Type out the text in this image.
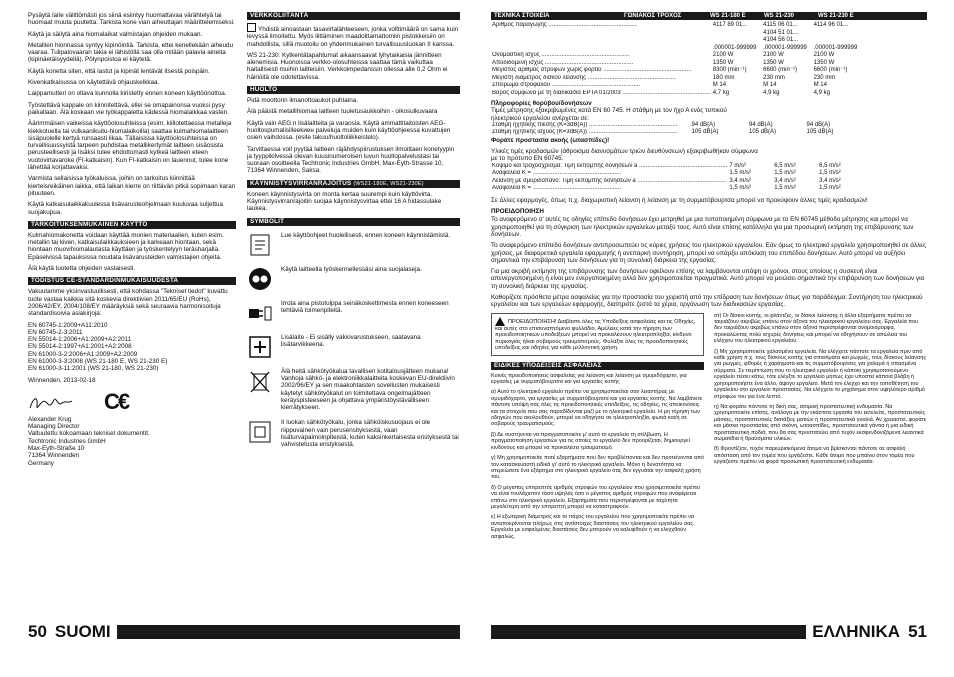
Pysäytä laite välittömästi jos siinä esiintyy huomattavaa värähtelyä tai huomaat muuta puutetta. Tarkista kone vian aiheuttajan määrittelemiseksi.

Käytä ja säilytä aina hiomalaikat valmistajan ohjeiden mukaan.

Metallien hionnassa syntyy kipinöintiä. Tarkista, ettei kenellekään aiheudu vaaraa. Tulipalovaaran takia ei lähistöllä saa olla mitään palavia aineita (kipinäetäisyydellä). Pölynpoistoa ei käytetä.

Käytä konetta siten, että lastut ja kipinät lentävät itsestä poispäin.

Kivenkatkaisussa on käytettävä ohjauskelkkaa.

Laippamutteri on oltava kunnolla kiristetty ennen koneen käyttöönottoa.

Työstettävä kappale on kiinnitettävä, ellei se omapainonsa vuoksi pysy paikallaan. Älä koskaan vie työkappaletta kädessä hiomalaikkaa vasten.

Äärimmäisen vaikeissa käyttöolosuhteissa (esim. kiillotettaessa metalleja kiekkotuella tai vulkaanikuitu-hiomalaikoilla) saattaa kulmahiomalaitteen sisäpuolelle kertyä runsaasti likaa. Tällaisissa käyttöolosuhteissa on turvallisuussyistä tarpeen puhdistaa metallikertymät laitteen sisäosista perusteellisesti ja lisäksi tulee ehdottomasti kytkeä laitteen eteen vuotovirtavarokе (FI-katkaisin). Kun FI-katkaisin on lauennut, tulee kone lähettää korjattavaksi.

Varmista sellaisissa työkaluissa, joihin on tarkoitus kiinnittää kierteisreikäinen laikka, että laikan kierre on riittävän pitkä sopimaan karan pituuteen.

Käytä katkaisulaikkakuulessa lisävarusteohjelmaan kuuluvaa suljettua suojakupua.

TARKOITUKSENMUKAINEN KÄYTTÖ

Kulmahiomakonetta voidaan käyttää monien materiaalien, kuten esim. metallin tai kiven, katkaisulaikkauksiееn ja karkeaan hiontaan, sekä hiontaan muovihiomalautasta käyttäen ja työskentelyyn teräsharjalla. Epäselvissä tapauksissa noudata lisävarusteiden valmistajien ohjeita.

Älä käytä tuotetta ohjeiden vastaisesti.

TODISTUS CE-STANDARDINMUKAISUUDESTA

Vakuutamme yksinvastuullisesti, että kohdassa "Tekniset tiedot" kuvattu tuote vastaa kaikkia sitä koskevia direktiivien 2011/65/EU (RoHs), 2006/42/EY, 2004/108/EY määräyksiä sekä seuraavia harmonisoituja standardisoivia asiakirjoja:

EN 60745-1:2009+A11:2010
EN 60745-2-3:2011
EN 55014-1:2006+A1:2009+A2:2011
EN 55014-2:1997+A1:2001+A2:2008
EN 61000-3-2:2006+A1:2009+A2:2009
EN 61000-3-3:2008 (WS 21-180 E, WS 21-230 E)
EN 61000-3-11:2001 (WS 21-180, WS 21-230)

Winnenden, 2013-02-18

C€
Alexander Krug
Managing Director
Valtuutettu kokoamaan tekniset dokumentit.
Techtronic Industries GmbH
Max-Eyth-Straße 10
71364 Winnenden
Germany
VERKKOLIITÄNTÄ

Yhdistä ainoastaan tasavirtalähteeseen, jonka volttimäärä on sama kuin levyssä ilmoitettu. Myös liittäminen maadoittamattomiin pistokkeisiin on mahdollista, sillä muotoilu on yhdenmukainen turvallisuusluokan II kanssa.

WS 21-230: Kytkentätapahtumat aikaansaavat lyhytaikaisia jännitteen alenemisia. Huonoissa verkko-olosuhteissa saattaa tämä vaikuttaa haitallisesti muihin laitteisiin. Verkkoimpedanssin ollessa alle 0,2 Ohm ei häiriöitä ole odotettavissa.

HUOLTO

Pidä moottorin ilmanottoaukot puhtaina.

Älä päästä metallihiomaa laitteen tuuletusaukkoihin - oikosulkuvaara

Käytä vain AEG:n lisälaitteita ja varaosia. Käytä ammattitaitoisten AEG-huoltospumalisilleekиен palveluja muiden kuin käyttöohjeessa kuvattujen osien vaihdossa. (esite takuu/huoltoliikkeistelo).

Tarvittaessa voit pyytää laitteen räjähdyspiirustuksen ilmoittaen konetyypin ja tyyppikilvessä olevan kuusinumeroisen luvun huoltopalvelustasi tai suoraan osoitteella Techtronic Industries GmbH, Max-Eyth-Strasse 10, 71364 Winnenden, Saksa.

KÄYNNISTYSVIRRANRAJOITUS (WS21-180E, WS21-230E)

Koneen käynnistysvirta on monta kertaa suurempi kuin käyttövirta. Käynnistysvirranrajoitin suojaa käynnistysvirtaa ettei 16 A hidassulake laukea.

SYMBOLIT
Lue käyttöohjeet huolellisesti, ennen koneen käynnistämistä.
Käytä laitteella työskennellessäsi aina suojalaseja.
Irrota aina pistotulppa seinäkoskettimesta ennen koneeseen tehtäviä toimenpiteitä.
Lisälaite - Ei sisälly vakiovarustukseen, saatavana lisätarvikkeena.
Älä heitä sähkötyökalua tavallisen kotitalousjätteen mukana! Vanhoja sähkö- ja elektroniikkalaitteita koskevan EU-direktiivin 2002/96/EY ja sen maakohtaisten sovellusten mukaisesti käytetyt sähkötyökalut on toimitettava ongelmajätteen keräyspisteeseen ja ohjattava ympäristöystävälliseen kierrätykseen.
II luokan sähkötyökalu, jonka sähköiskusuojaus ei ole riippuvainen vain perusensityksestä, vaan lisäturvapaimoinpiteistä, kuten kaksinkertaisesta eristyksestä tai vahvistetusta eristyksestä.
50 SUOMI
ΤΕΧΝΙΚΑ ΣΤΟΙΧΕΙΑ	ΓΩΝΙΑΚΟΣ ΤΡΟΧΟΣ	WS 21-180 E	WS 21-230	WS 21-230 E
Αριθμός παραγωγής .....................................................	4117 89 01...	4115 06 01...	4114 96 01...
		4104 51 01...	
		4104 56 01...	
	.000001-999999	.000001-999999	.000001-999999
Ονομαστική ισχύς .....................................................	2100 W	2100 W	2100 W
Αποδιδόμενη ισχύς .....................................................	1350 W	1350 W	1350 W
Μέγιστος αριθμός στροφών χωρίς φορτίο .....................................................	8300 (min⁻¹)	6600 (min⁻¹)	6600 (min⁻¹)
Μέγιστη διάμετρος δίσκου λείανσης .....................................................	180 mm	230 mm	230 mm
Σπείρωμα στροφάλου .....................................................	M 14	M 14	M 14
Βάρος σύμφωνα με τη διαδικασία EPTA 01/2003 .....................................................	4,7 kg	4,9 kg	4,9 kg

Πληροφορίες θορύβου/δονήσεων

Τιμές μέτρησης εξακριβωμένες κατά EN 60 745. Η στάθμη με τον ήχο Α ενός τυπικού ηλεκτρικού εργαλείου ανέρχεται σε:

Στάθμη ηχητικής πίεσης (K=3dB(A)) .....................................................	94 dB(A)	94 dB(A)	94 dB(A)
Στάθμη ηχητικής ισχύος (K=3dB(A)) .....................................................	105 dB(A)	105 dB(A)	105 dB(A)

Φοράτε προστασία ακοής (ωτασπίδες)!

Υλικές τιμές κραδασμών (άθροισμα διανυσμάτων τριών διευθύνσεων) εξακριβωθήκαν σύμφωνα με το πρότυπο EN 60745.

Κόψιμο και τροχοσχρίσμα: Τιμή εκπομπής δόνησεων a .....................................................	7 m/s²	6,5 m/s²	6,5 m/s²
Αναφαλεία K = .....................................................	1,5 m/s²	1,5 m/s²	1,5 m/s²
Λείανση με σμυριδόπανο: Τιμή εκπομπής δόνησεων a .....................................................	3,4 m/s²	3,4 m/s²	3,4 m/s²
Αναφαλεία K = .....................................................	1,5 m/s²	1,5 m/s²	1,5 m/s²

Σε άλλες εφαρμογές, όπως π.χ. διαχωριστική λείανση ή λείανση με τη συρματόβουρτσα μπορεί να προκύψουν άλλες τιμές κραδασμών!

ΠΡΟΕΙΔΟΠΟΙΗΣΗ

Το αναφερόμενο σ' αυτές τις οδηγίες επίπεδο δονήσεων έχει μετρηθεί με μια τυποποιημένη σύμφωνα με το EN 60745 μέθοδο μέτρησης και μπορεί να χρησιμοποιηθεί για τη σύγκριση των ηλεκτρικών εργαλείων μεταξύ τους. Αυτό είναι επίσης κατάλληλο για μια προσωρινή εκτίμηση της επιβάρυνσης των δονήσεων.

Το αναφερόμενο επίπεδο δονήσεων αντιπροσωπεύει τις κύριες χρήσεις του ηλεκτρικού εργαλείου. Εάν όμως το ηλεκτρικό εργαλείο χρησιμοποιηθεί σε άλλες χρήσεις, με διαφορετικά εργαλεία εφαρμογής ή ανεπαρκή συντήρηση, μπορεί να υπάρξει απόκλιση του επιπέδου δονήσεων. Αυτό μπορεί να αυξήσει σημαντικά την επιβάρυνση των δονήσεων για τη συνολική διάρκεια της εργασίας.

Για μια ακριβή εκτίμηση της επιβάρυνσης των δονήσεων οφείλουν επίσης να λαμβάνονται υπόψη οι χρόνοι, στους οποίους η συσκευή είναι απενεργοποιημένη ή είναι μεν ενεργοποιημένη αλλά δεν χρησιμοποιείται πραγματικά. Αυτό μπορεί να μειώσει σημαντικά την επιβάρυνση των δονήσεων για τη συνολική διάρκεια της εργασίας.

Καθορίζετε πρόσθετα μέτρα ασφαλείας για την προστασία του χειριστή από την επίδραση των δονήσεων όπως για παράδειγμα: Συντήρηση του ηλεκτρικού εργαλείου και των εργαλείων εφαρμογής, διατηρείτε ζεστά τα χέρια, οργάνωση των διαδικασιών εργασίας.

ΠΡΟΕΙΔΟΠΟΙΗΣΗ! Διαβάστε όλες τις Υποδείξεις ασφαλείας και τις Οδηγίες, και αυτές στο επισυναπτόμενο φυλλάδιο. Αμέλειες κατά την τήρηση των προειδοποιητικών υποδείξεων μπορεί να προκαλέσουν ηλεκτροπληξία, κίνδυνο πυρκαγιάς ή/και σοβαρούς τραυματισμούς. Φυλάξτε όλες τις προειδοποιητικές υποδείξεις και οδηγίες για κάθε μελλοντική χρήση.
ΕΙΔΙΚΕΣ ΥΠΟΔΕΙΞΕΙΣ ΑΣΦΑΛΕΙΑΣ

Κοινές προειδοποιήσεις ασφαλείας για λείανση και λείανση με σμυριδόχαρτο, για εργασίες με συρματόβουρτσα και για εργασίες κοπής

α) Αυτό το ηλεκτρικό εργαλείο πρέπει να χρησιμοποιείται σαν λειαντήρας με σμυριδόχαρτο, για εργασίες με συρματόβουρτσα και για εργασίες κοπής. Να λαμβάνετε πάντοτε υπόψη σας όλες τις προειδοποιητικές υποδείξεις, τις οδηγίες, τις απεικονίσεις και τα στοιχεία που σας παραδίδονται μαζί με το ηλεκτρικό εργαλείο. Η μη τήρηση των οδηγιών που ακολουθούν, μπορεί να οδηγήσει σε ηλεκτροπληξία, φωτιά και/ή σε σοβαρούς τραυματισμούς.

β) Δε συστήνεται να πραγματοποιείτε μ' αυτό το εργαλείο τη στίλβωση. Η πραγματοποίηση εργασιών για τις οποίες το εργαλείο δεν προορίζεται, δημιουργεί κινδύνους και μπορεί να προκαλέσει τραυματισμό.

γ) Μη χρησιμοποιείτε ποτέ εξαρτήματα που δεν προβλέπονται και δεν προτείνονται από τον κατασκευαστή ειδικά γι' αυτό το ηλεκτρικό εργαλείο. Μόνο η δυνατότητα να στερεώσετε ένα εξάρτημα στο ηλεκτρικό εργαλείο σας δεν εγγυάται την ασφαλή χρήση του.

δ) Ο μέγιστος επιτρεπτός αριθμός στροφών του εργαλείου που χρησιμοποιείτε πρέπει να είναι τουλάχιστον τόσο υψηλός όσο ο μέγιστος αριθμός στροφών που αναφέρεται επάνω στο ηλεκτρικό εργαλείο. Εξαρτήματα που περιστρέφονται με ταχύτητα μεγαλύτερη από την επιτρεπτή μπορεί να καταστραφούν.

ε) Η εξωτερική διάμετρος και το πάχος του εργαλείου που χρησιμοποιείτε πρέπει να ανταποκρίνονται πλήρως στις αντίστοιχες διαστάσεις του ηλεκτρικού εργαλείου σας. Εργαλεία με εσφαλμένες διαστάσεις δεν μπορούν να καλυφθούν ή να ελεγχθούν ασφαλώς.

στ) Οι δίσκοι κοπής, οι φλάντζες, οι δίσκοι λείανσης ή άλλα εξαρτήματα πρέπει να ταιριάζουν ακριβώς επάνω στον άξονα του ηλεκτρικού εργαλείου σας. Εργαλεία που δεν ταιριάζουν ακριβώς επάνω στον άξονα περιστρέφονται ανομοιόμορφα, προκαλώντας πολύ ισχυρές δονήσεις και μπορεί να οδηγήσουν σε απώλεια του ελέγχου του ηλεκτρικού εργαλείου.

ζ) Μη χρησιμοποιείτε χαλασμένα εργαλεία. Να ελέγχετε πάντοτε τα εργαλεία πριν από κάθε χρήση π.χ. τους δίσκους κοπής για σπασίματα και ρωγμές, τους δίσκους λείανσης για ρωγμές, φθορές ή χαράγματα και τις συρματόβουρτσες για χαλαρά ή σπασμένα σύρματα. Σε περίπτωση που το ηλεκτρικό εργαλείο ή κάποιο χρησιμοποιούμενο εργαλείο πέσει κάτω, τότε ελέγξτε το εργαλείο μήπως έχει υποστεί κάποια βλάβη ή χρησιμοποιήστε ένα άλλο, άψογο εργαλείο. Μετά τον έλεγχο και την τοποθέτηση του εργαλείου στο εργαλείο προστασίας. Να ελέγχετε το μηχάνημα στον υψηλότερο αριθμό στροφών του για ένα λεπτό.

η) Να φοράτε πάντοτε τη δική σας, ατομική προστατευτική ενδυμασία. Να χρησιμοποιείτε επίσης, ανάλογα με την εκάστοτε εργασία του εκτελείτε, προστατευτικές μάσκες, προστατευτικές διατάξεις ματιών ή προστατευτικά γυαλιά. Αν χρειαστεί, φοράτε και μάσκα προστασίας από σκόνη, ωτοασπίδες, προστατευτικά γάντια ή μια ειδική προστατευτική ποδιά, που θα σας προστατεύει από τυχόν εκσφενδονιζόμενα λειαντικά σωματίδια ή θραύσματα υλικών.

θ) Φροντίζετε, τυχόν παρευρισκόμενα άτομα να βρίσκονται πάντοτε σε ασφαλή απόσταση από τον τομέα που εργάζεστε. Κάθε άτομο που μπαίνει στον τομέα που εργάζεστε πρέπει να φορά προσωπική προστατευτική ενδυμασία.

ΕΛΛΗΝΙΚΑ 51
